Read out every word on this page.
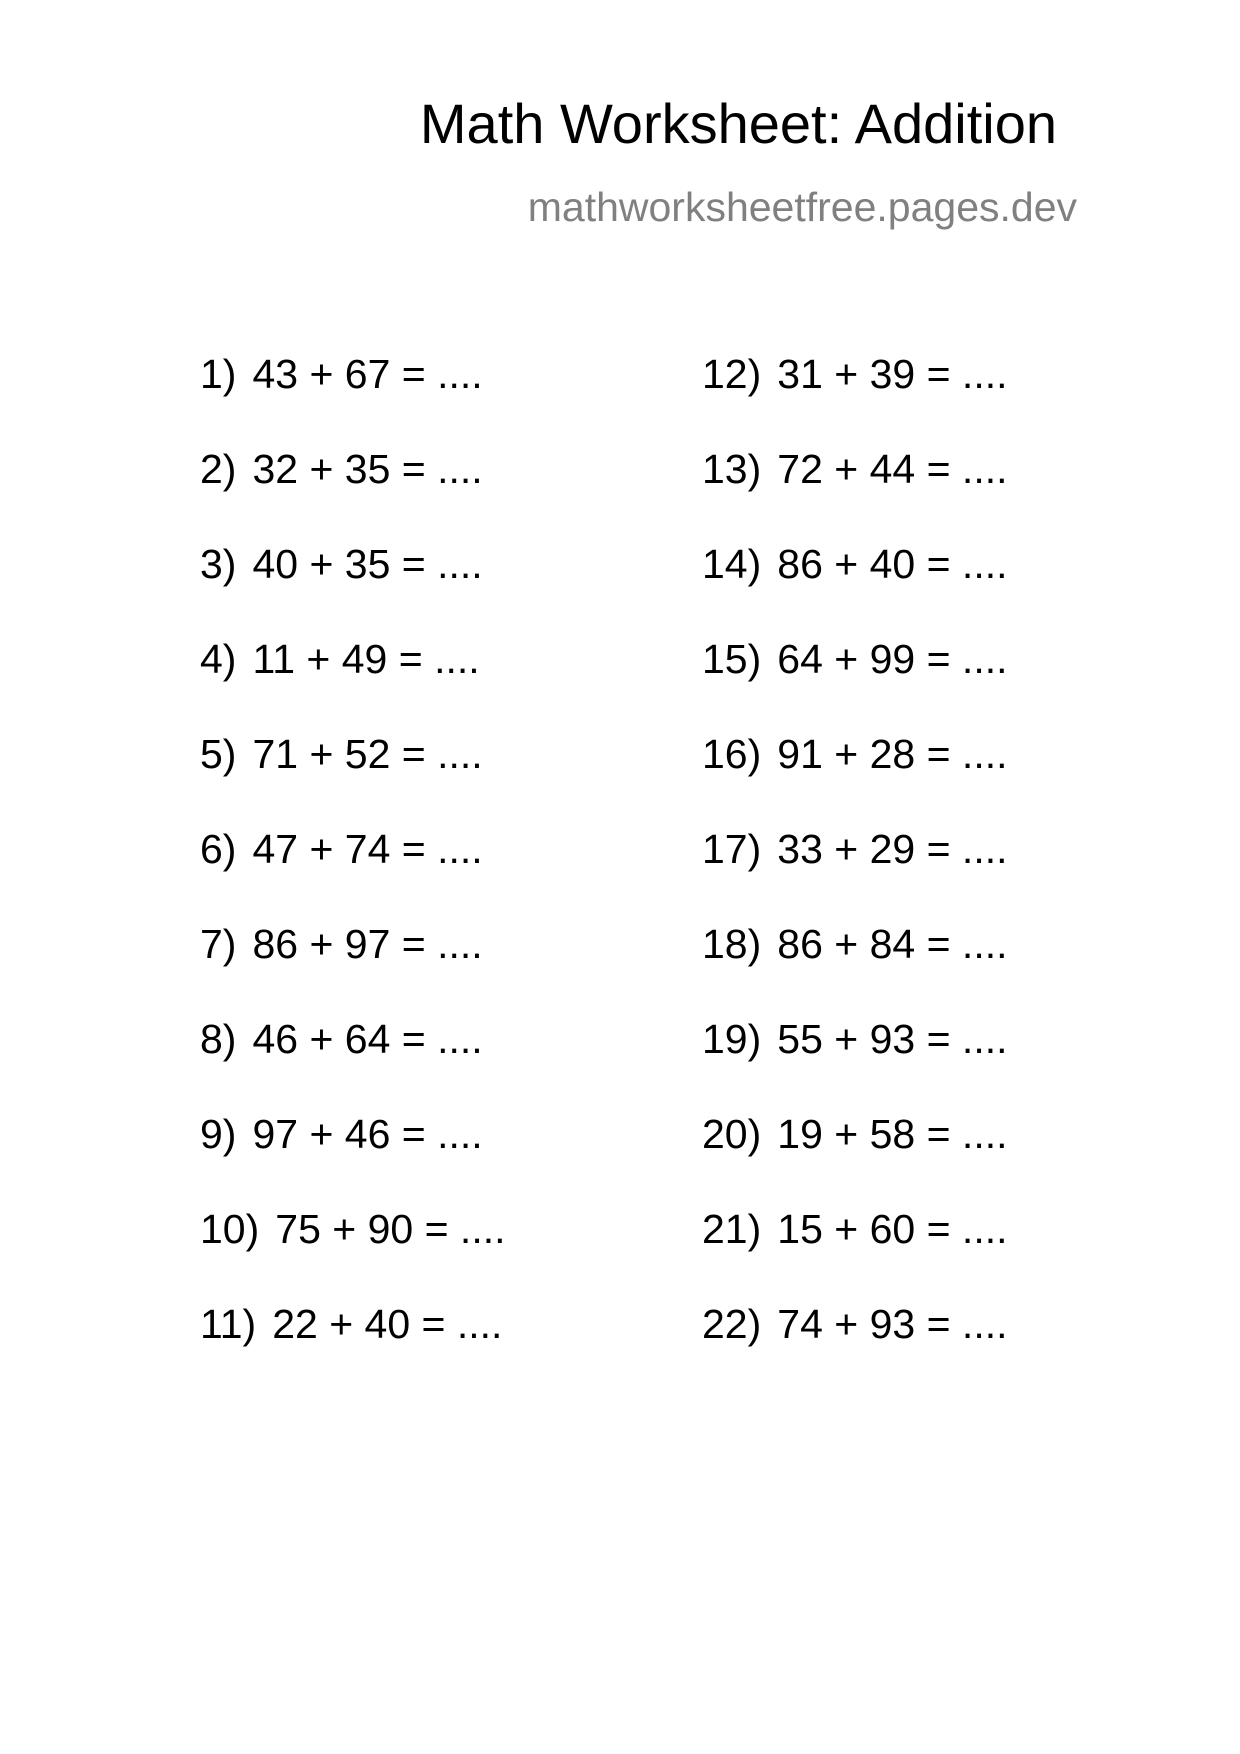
Math Worksheet: Addition
mathworksheetfree.pages.dev
1) 43 + 67 = ....
2) 32 + 35 = ....
3) 40 + 35 = ....
4) 11 + 49 = ....
5) 71 + 52 = ....
6) 47 + 74 = ....
7) 86 + 97 = ....
8) 46 + 64 = ....
9) 97 + 46 = ....
10) 75 + 90 = ....
11) 22 + 40 = ....
12) 31 + 39 = ....
13) 72 + 44 = ....
14) 86 + 40 = ....
15) 64 + 99 = ....
16) 91 + 28 = ....
17) 33 + 29 = ....
18) 86 + 84 = ....
19) 55 + 93 = ....
20) 19 + 58 = ....
21) 15 + 60 = ....
22) 74 + 93 = ....
